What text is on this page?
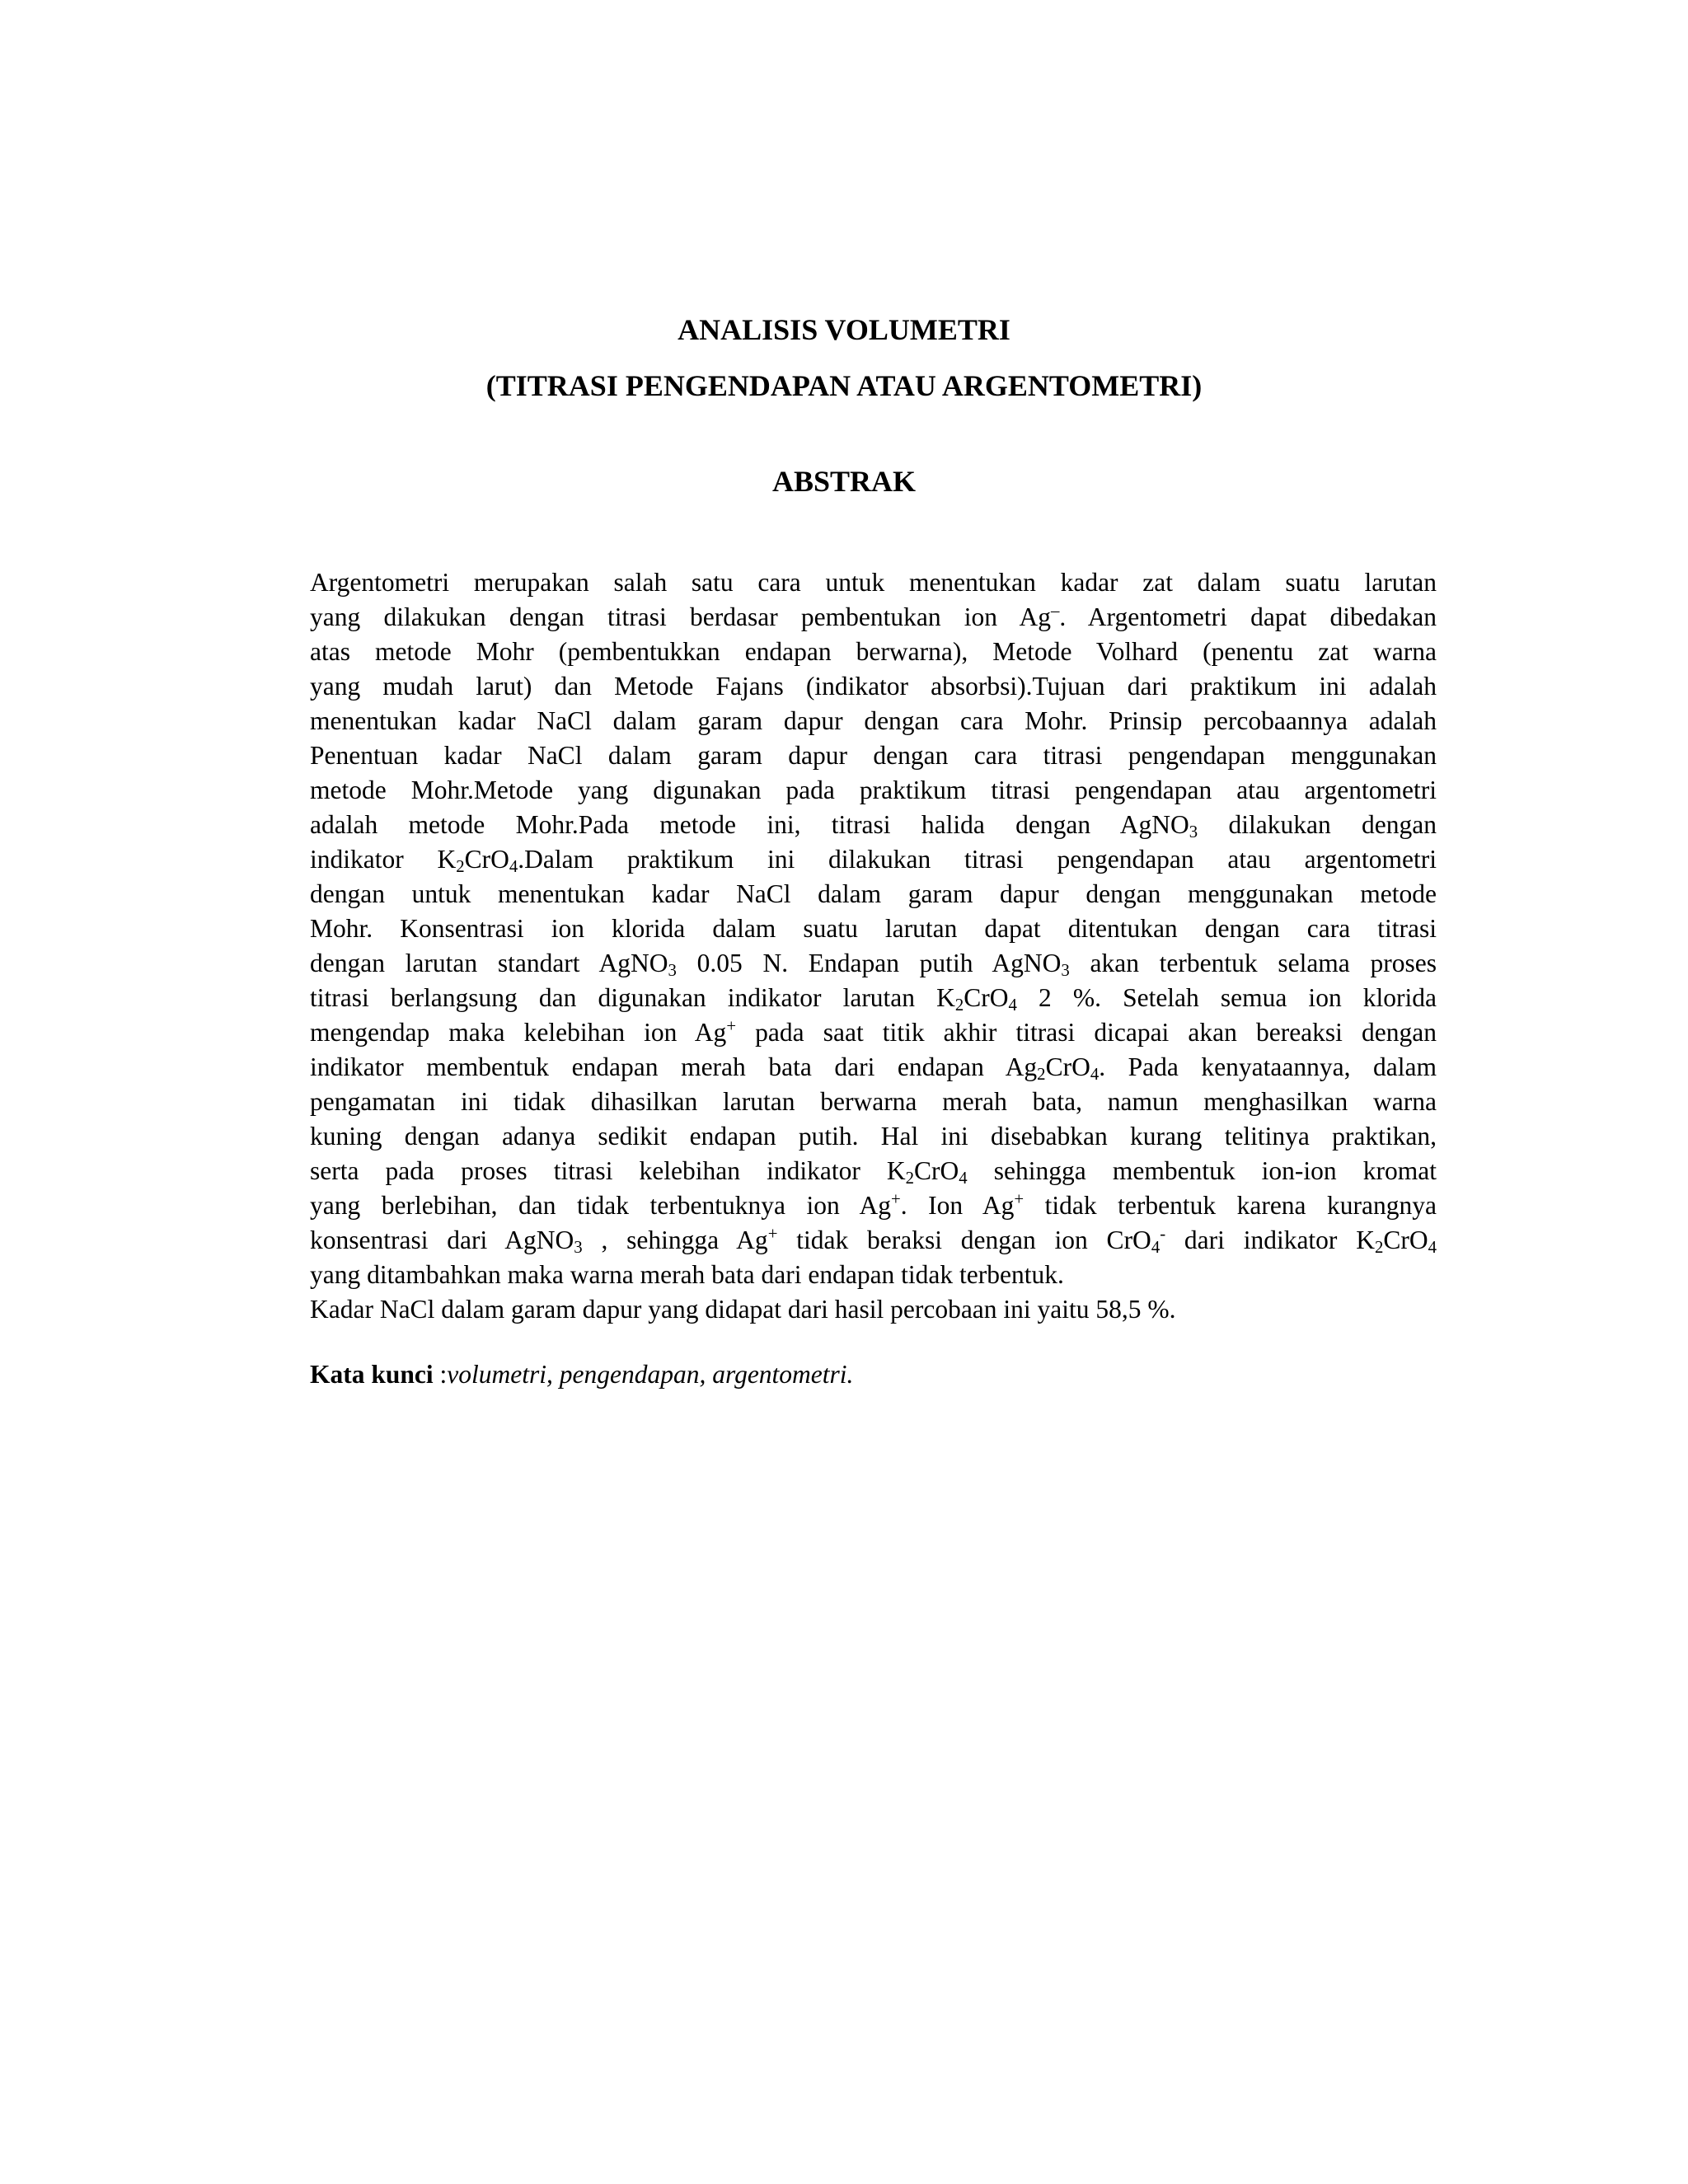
ANALISIS VOLUMETRI
(TITRASI PENGENDAPAN ATAU ARGENTOMETRI)
ABSTRAK
Argentometri merupakan salah satu cara untuk menentukan kadar zat dalam suatu larutan
yang dilakukan dengan titrasi berdasar pembentukan ion Ag–. Argentometri dapat dibedakan
atas metode Mohr (pembentukkan endapan berwarna), Metode Volhard (penentu zat warna
yang mudah larut) dan Metode Fajans (indikator absorbsi).Tujuan dari praktikum ini adalah
menentukan kadar NaCl dalam garam dapur dengan cara Mohr. Prinsip percobaannya adalah
Penentuan kadar NaCl dalam garam dapur dengan cara titrasi pengendapan menggunakan
metode Mohr.Metode yang digunakan pada praktikum titrasi pengendapan atau argentometri
adalah metode Mohr.Pada metode ini, titrasi halida dengan AgNO$_3$ dilakukan dengan
indikator $K_2CrO_4.Dalam$ praktikum ini dilakukan titrasi pengendapan atau argentometri
dengan untuk menentukan kadar NaCl dalam garam dapur dengan menggunakan metode
Mohr. Konsentrasi ion klorida dalam suatu larutan dapat ditentukan dengan cara titrasi
dengan larutan standart AgNO$_3$ 0.05 N. Endapan putih AgNO$_3$ akan terbentuk selama proses
titrasi berlangsung dan digunakan indikator larutan $K_2CrO_4$ 2 %. Setelah semua ion klorida
mengendap maka kelebihan ion Ag+ pada saat titik akhir titrasi dicapai akan bereaksi dengan
indikator membentuk endapan merah bata dari endapan $Ag_2CrO_4$. Pada kenyataannya, dalam
pengamatan ini tidak dihasilkan larutan berwarna merah bata, namun menghasilkan warna
kuning dengan adanya sedikit endapan putih. Hal ini disebabkan kurang telitinya praktikan,
serta pada proses titrasi kelebihan indikator $K_2CrO_4$ sehingga membentuk ion-ion kromat
yang berlebihan, dan tidak terbentuknya ion Ag+. Ion Ag+ tidak terbentuk karena kurangnya
konsentrasi dari AgNO$_3$ , sehingga Ag+ tidak beraksi dengan ion CrO$_4$- dari indikator $K_2CrO_4$
yang ditambahkan maka warna merah bata dari endapan tidak terbentuk.
Kadar NaCl dalam garam dapur yang didapat dari hasil percobaan ini yaitu 58,5 %.
Kata kunci :volumetri, pengendapan, argentometri.
